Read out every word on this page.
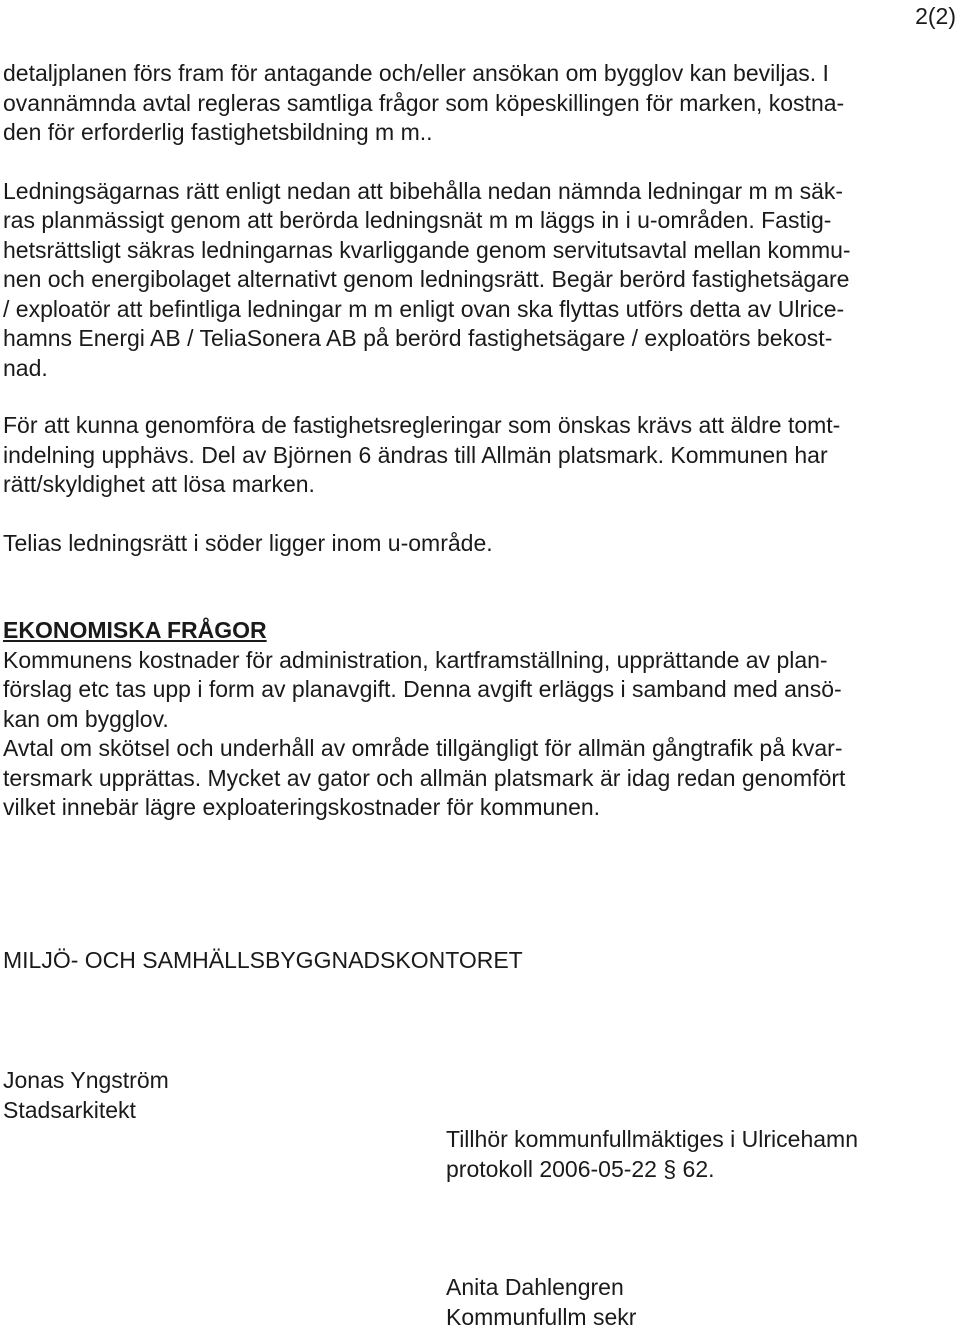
2(2)

detaljplanen förs fram för antagande och/eller ansökan om bygglov kan beviljas. I
ovannämnda avtal regleras samtliga frågor som köpeskillingen för marken, kostna-
den för erforderlig fastighetsbildning m m..

Ledningsägarnas rätt enligt nedan att bibehålla nedan nämnda ledningar m m säk-
ras planmässigt genom att berörda ledningsnät m m läggs in i u-områden. Fastig-
hetsrättsligt säkras ledningarnas kvarliggande genom servitutsavtal mellan kommu-
nen och energibolaget alternativt genom ledningsrätt. Begär berörd fastighetsägare
/ exploatör att befintliga ledningar m m enligt ovan ska flyttas utförs detta av Ulrice-
hamns Energi AB / TeliaSonera AB på berörd fastighetsägare / exploatörs bekost-
nad.

För att kunna genomföra de fastighetsregleringar som önskas krävs att äldre tomt-
indelning upphävs. Del av Björnen 6 ändras till Allmän platsmark. Kommunen har
rätt/skyldighet att lösa marken.

Telias ledningsrätt i söder ligger inom u-område.

EKONOMISKA FRÅGOR

Kommunens kostnader för administration, kartframställning, upprättande av plan-
förslag etc tas upp i form av planavgift. Denna avgift erläggs i samband med ansö-
kan om bygglov.

Avtal om skötsel och underhåll av område tillgängligt för allmän gångtrafik på kvar-
tersmark upprättas. Mycket av gator och allmän platsmark är idag redan genomfört
vilket innebär lägre exploateringskostnader för kommunen.

MILJÖ- OCH SAMHÄLLSBYGGNADSKONTORET

Jonas Yngström
Stadsarkitekt
Tillhör kommunfullmäktiges i Ulricehamn
protokoll 2006-05-22 § 62.
Anita Dahlengren
Kommunfullm sekr
